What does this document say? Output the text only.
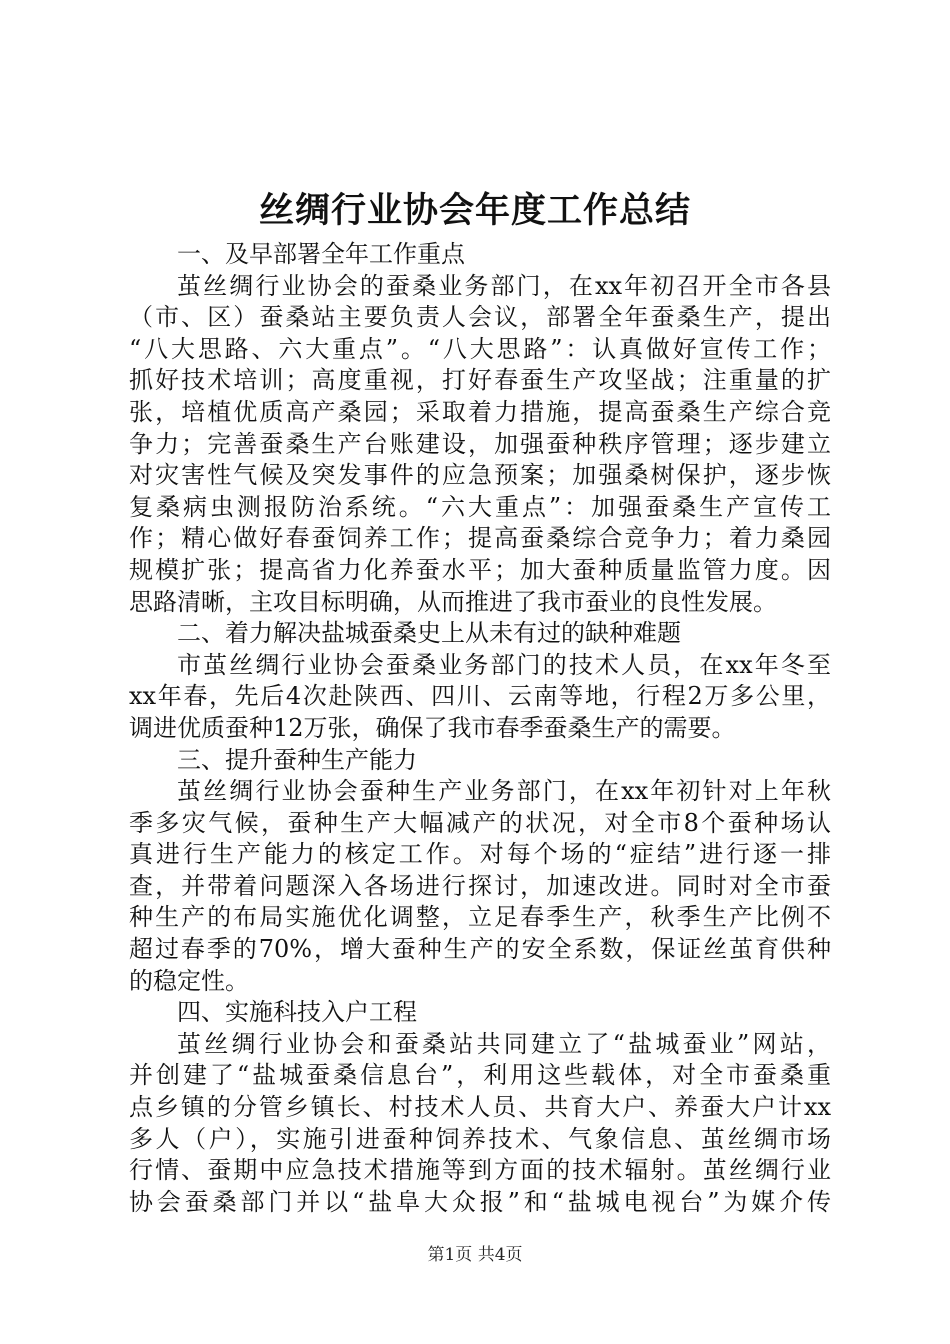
丝绸行业协会年度工作总结
一、及早部署全年工作重点
茧丝绸行业协会的蚕桑业务部门，在xx年初召开全市各县
（市、区）蚕桑站主要负责人会议，部署全年蚕桑生产，提出
“八大思路、六大重点”。“八大思路”：认真做好宣传工作；
抓好技术培训；高度重视，打好春蚕生产攻坚战；注重量的扩
张，培植优质高产桑园；采取着力措施，提高蚕桑生产综合竞
争力；完善蚕桑生产台账建设，加强蚕种秩序管理；逐步建立
对灾害性气候及突发事件的应急预案；加强桑树保护，逐步恢
复桑病虫测报防治系统。“六大重点”：加强蚕桑生产宣传工
作；精心做好春蚕饲养工作；提高蚕桑综合竞争力；着力桑园
规模扩张；提高省力化养蚕水平；加大蚕种质量监管力度。因
思路清晰，主攻目标明确，从而推进了我市蚕业的良性发展。
二、着力解决盐城蚕桑史上从未有过的缺种难题
市茧丝绸行业协会蚕桑业务部门的技术人员，在xx年冬至
xx年春，先后4次赴陕西、四川、云南等地，行程2万多公里，
调进优质蚕种12万张，确保了我市春季蚕桑生产的需要。
三、提升蚕种生产能力
茧丝绸行业协会蚕种生产业务部门，在xx年初针对上年秋
季多灾气候，蚕种生产大幅减产的状况，对全市8个蚕种场认
真进行生产能力的核定工作。对每个场的“症结”进行逐一排
查，并带着问题深入各场进行探讨，加速改进。同时对全市蚕
种生产的布局实施优化调整，立足春季生产，秋季生产比例不
超过春季的70%，增大蚕种生产的安全系数，保证丝茧育供种
的稳定性。
四、实施科技入户工程
茧丝绸行业协会和蚕桑站共同建立了“盐城蚕业”网站，
并创建了“盐城蚕桑信息台”，利用这些载体，对全市蚕桑重
点乡镇的分管乡镇长、村技术人员、共育大户、养蚕大户计xx
多人（户），实施引进蚕种饲养技术、气象信息、茧丝绸市场
行情、蚕期中应急技术措施等到方面的技术辐射。茧丝绸行业
协会蚕桑部门并以“盐阜大众报”和“盐城电视台”为媒介传
第1页 共4页
